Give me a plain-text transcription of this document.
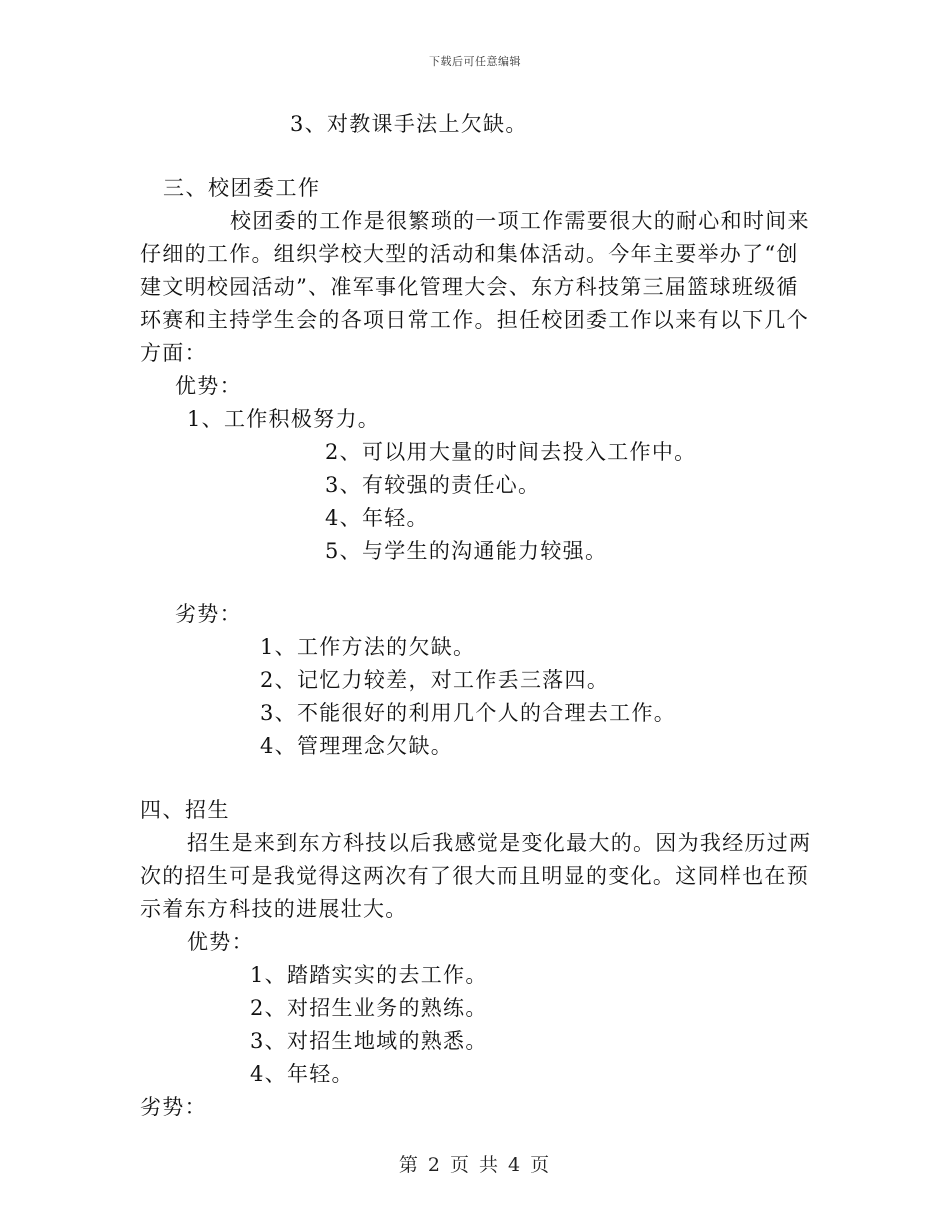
下载后可任意编辑
3、对教课手法上欠缺。
三、校团委工作
校团委的工作是很繁琐的一项工作需要很大的耐心和时间来
仔细的工作。组织学校大型的活动和集体活动。今年主要举办了“创
建文明校园活动”、准军事化管理大会、东方科技第三届篮球班级循
环赛和主持学生会的各项日常工作。担任校团委工作以来有以下几个
方面：
优势：
1、工作积极努力。
2、可以用大量的时间去投入工作中。
3、有较强的责任心。
4、年轻。
5、与学生的沟通能力较强。
劣势：
1、工作方法的欠缺。
2、记忆力较差，对工作丢三落四。
3、不能很好的利用几个人的合理去工作。
4、管理理念欠缺。
四、招生
招生是来到东方科技以后我感觉是变化最大的。因为我经历过两
次的招生可是我觉得这两次有了很大而且明显的变化。这同样也在预
示着东方科技的进展壮大。
优势：
1、踏踏实实的去工作。
2、对招生业务的熟练。
3、对招生地域的熟悉。
4、年轻。
劣势：
第 2 页 共 4 页
